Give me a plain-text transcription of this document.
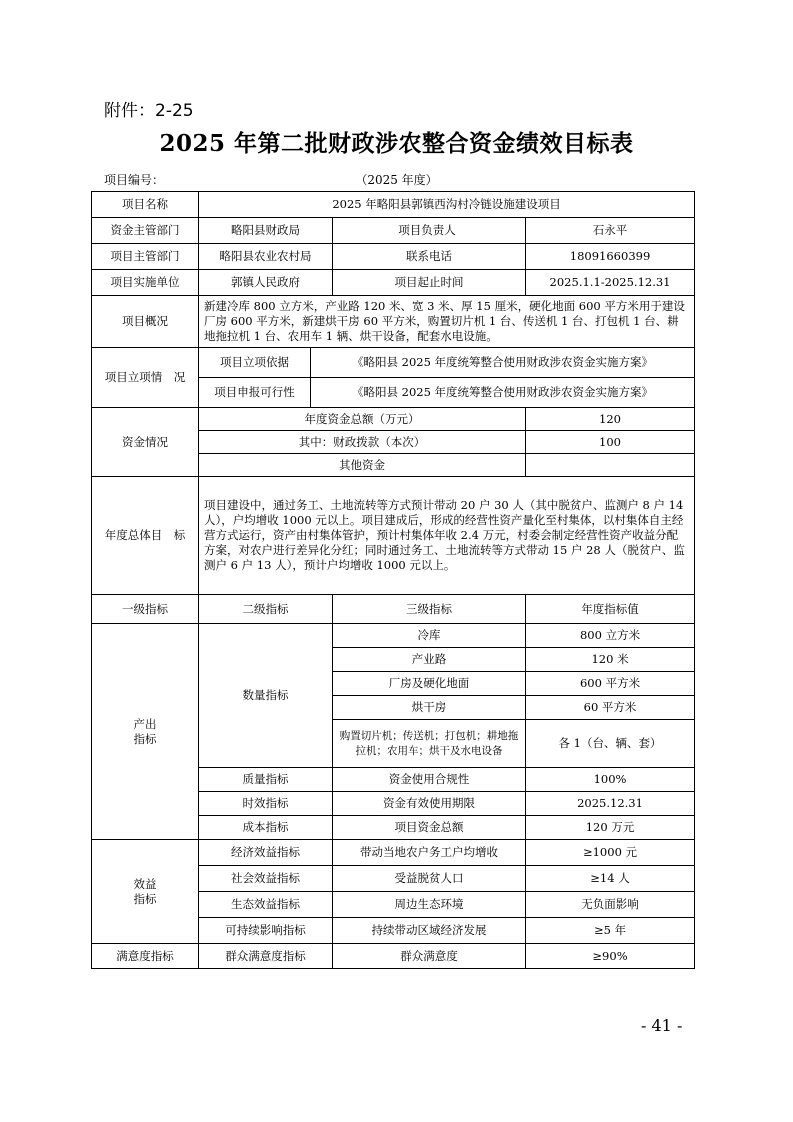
附件：2-25
2025 年第二批财政涉农整合资金绩效目标表
项目编号：	（2025 年度）
项目名称	2025 年略阳县郭镇西沟村冷链设施建设项目			
资金主管部门	略阳县财政局		项目负责人	石永平
项目主管部门	略阳县农业农村局		联系电话	18091660399
项目实施单位	郭镇人民政府		项目起止时间	2025.1.1-2025.12.31
项目概况	新建冷库 800 立方米，产业路 120 米、宽 3 米、厚 15 厘米，硬化地面 600 平方米用于建设厂房 600 平方米，新建烘干房 60 平方米，购置切片机 1 台、传送机 1 台、打包机 1 台、耕地拖拉机 1 台、农用车 1 辆、烘干设备，配套水电设施。			
项目立项情　况	项目立项依据	《略阳县 2025 年度统筹整合使用财政涉农资金实施方案》		
	项目申报可行性	《略阳县 2025 年度统筹整合使用财政涉农资金实施方案》		
资金情况	年度资金总额（万元）			120
	其中：财政拨款（本次）			100
	其他资金			
年度总体目　标	项目建设中，通过务工、土地流转等方式预计带动 20 户 30 人（其中脱贫户、监测户 8 户 14 人），户均增收 1000 元以上。项目建成后，形成的经营性资产量化至村集体，以村集体自主经营方式运行，资产由村集体管护，预计村集体年收 2.4 万元，村委会制定经营性资产收益分配方案，对农户进行差异化分红；同时通过务工、土地流转等方式带动 15 户 28 人（脱贫户、监测户 6 户 13 人），预计户均增收 1000 元以上。			
一级指标	二级指标		三级指标	年度指标值
产出指标	数量指标		冷库	800 立方米
			产业路	120 米
			厂房及硬化地面	600 平方米
			烘干房	60 平方米
			购置切片机；传送机；打包机；耕地拖拉机；农用车；烘干及水电设备	各 1（台、辆、套）
	质量指标		资金使用合规性	100%
	时效指标		资金有效使用期限	2025.12.31
	成本指标		项目资金总额	120 万元
效益指标	经济效益指标		带动当地农户务工户均增收	≥1000 元
	社会效益指标		受益脱贫人口	≥14 人
	生态效益指标		周边生态环境	无负面影响
	可持续影响指标		持续带动区域经济发展	≥5 年
满意度指标	群众满意度指标		群众满意度	≥90%
- 41 -
